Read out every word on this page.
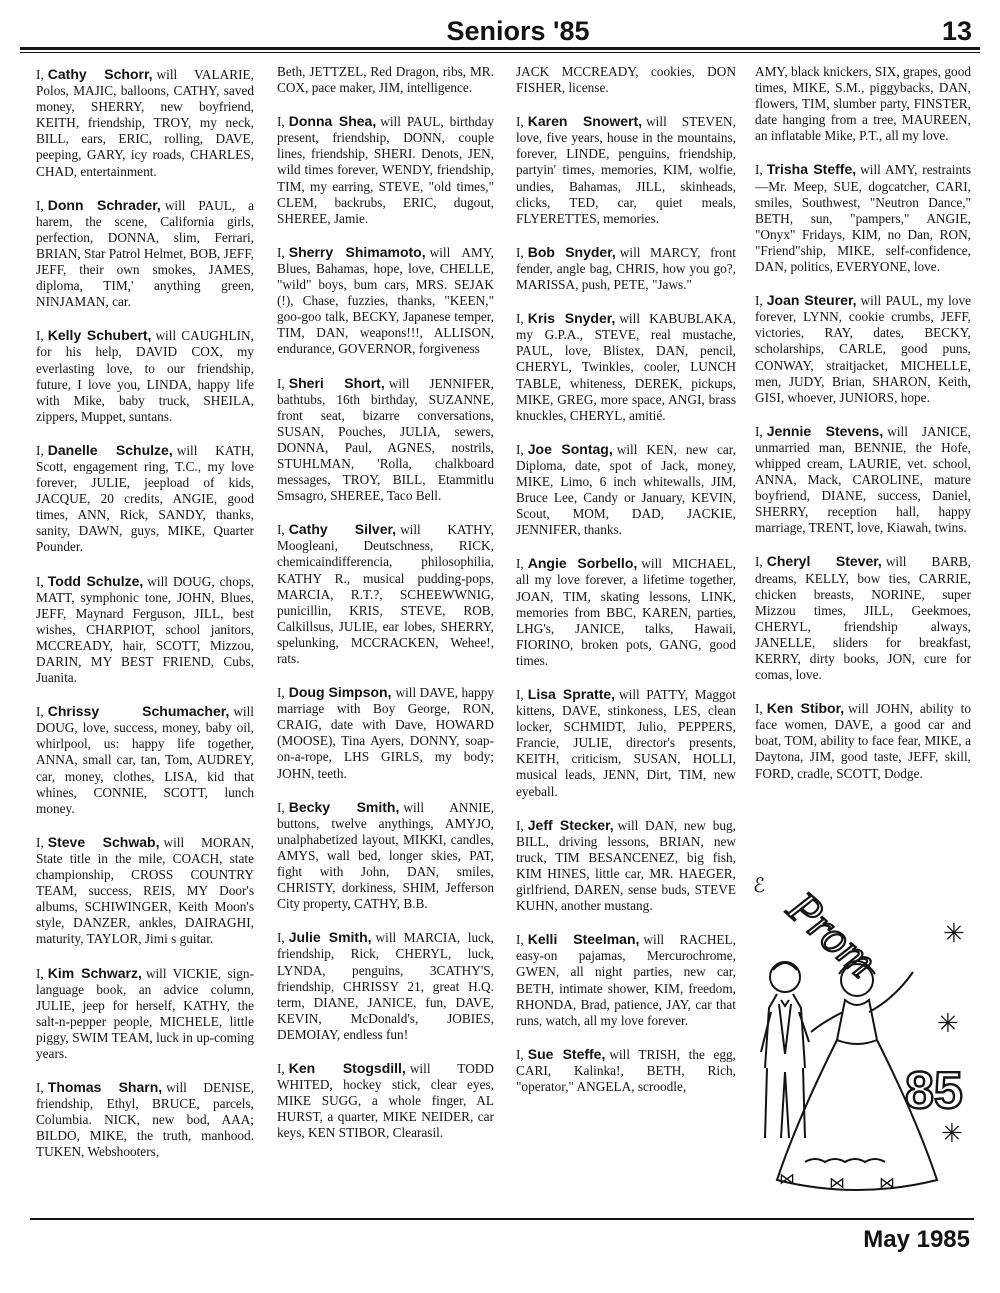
Seniors '85	13

I, Cathy Schorr, will VALARIE, Polos, MAJIC, balloons, CATHY, saved money, SHERRY, new boyfriend, KEITH, friendship, TROY, my neck, BILL, ears, ERIC, rolling, DAVE, peeping, GARY, icy roads, CHARLES, CHAD, entertainment.

I, Donn Schrader, will PAUL, a harem, the scene, California girls, perfection, DONNA, slim, Ferrari, BRIAN, Star Patrol Helmet, BOB, JEFF, JEFF, their own smokes, JAMES, diploma, TIM,' anything green, NINJAMAN, car.

I, Kelly Schubert, will CAUGHLIN, for his help, DAVID COX, my everlasting love, to our friendship, future, I love you, LINDA, happy life with Mike, baby truck, SHEILA, zippers, Muppet, suntans.

I, Danelle Schulze, will KATH, Scott, engagement ring, T.C., my love forever, JULIE, jeepload of kids, JACQUE, 20 credits, ANGIE, good times, ANN, Rick, SANDY, thanks, sanity, DAWN, guys, MIKE, Quarter Pounder.

I, Todd Schulze, will DOUG, chops, MATT, symphonic tone, JOHN, Blues, JEFF, Maynard Ferguson, JILL, best wishes, CHARPIOT, school janitors, MCCREADY, hair, SCOTT, Mizzou, DARIN, MY BEST FRIEND, Cubs, Juanita.

I, Chrissy Schumacher, will DOUG, love, success, money, baby oil, whirlpool, us: happy life together, ANNA, small car, tan, Tom, AUDREY, car, money, clothes, LISA, kid that whines, CONNIE, SCOTT, lunch money.

I, Steve Schwab, will MORAN, State title in the mile, COACH, state championship, CROSS COUNTRY TEAM, success, REIS, MY Door's albums, SCHIWINGER, Keith Moon's style, DANZER, ankles, DAIRAGHI, maturity, TAYLOR, Jimi s guitar.

I, Kim Schwarz, will VICKIE, sign-language book, an advice column, JULIE, jeep for herself, KATHY, the salt-n-pepper people, MICHELE, little piggy, SWIM TEAM, luck in up-coming years.

I, Thomas Sharn, will DENISE, friendship, Ethyl, BRUCE, parcels, Columbia. NICK, new bod, AAA; BILDO, MIKE, the truth, manhood. TUKEN, Webshooters,

Beth, JETTZEL, Red Dragon, ribs, MR. COX, pace maker, JIM, intelligence.

I, Donna Shea, will PAUL, birthday present, friendship, DONN, couple lines, friendship, SHERI. Denots, JEN, wild times forever, WENDY, friendship, TIM, my earring, STEVE, "old times," CLEM, backrubs, ERIC, dugout, SHEREE, Jamie.

I, Sherry Shimamoto, will AMY, Blues, Bahamas, hope, love, CHELLE, "wild" boys, bum cars, MRS. SEJAK (!), Chase, fuzzies, thanks, "KEEN," goo-goo talk, BECKY, Japanese temper, TIM, DAN, weapons!!!, ALLISON, endurance, GOVERNOR, forgiveness

I, Sheri Short, will JENNIFER, bathtubs, 16th birthday, SUZANNE, front seat, bizarre conversations, SUSAN, Pouches, JULIA, sewers, DONNA, Paul, AGNES, nostrils, STUHLMAN, 'Rolla, chalkboard messages, TROY, BILL, Etammitlu Smsagro, SHEREE, Taco Bell.

I, Cathy Silver, will KATHY, Moogleani, Deutschness, RICK, chemicaindifferencia, philosophilia, KATHY R., musical pudding-pops, MARCIA, R.T.?, SCHEEWWNIG, punicillin, KRIS, STEVE, ROB, Calkillsus, JULIE, ear lobes, SHERRY, spelunking, MCCRACKEN, Wehee!, rats.

I, Doug Simpson, will DAVE, happy marriage with Boy George, RON, CRAIG, date with Dave, HOWARD (MOOSE), Tina Ayers, DONNY, soap-on-a-rope, LHS GIRLS, my body; JOHN, teeth.

I, Becky Smith, will ANNIE, buttons, twelve anythings, AMYJO, unalphabetized layout, MIKKI, candles, AMYS, wall bed, longer skies, PAT, fight with John, DAN, smiles, CHRISTY, dorkiness, SHIM, Jefferson City property, CATHY, B.B.

I, Julie Smith, will MARCIA, luck, friendship, Rick, CHERYL, luck, LYNDA, penguins, 3CATHY'S, friendship, CHRISSY 21, great H.Q. term, DIANE, JANICE, fun, DAVE, KEVIN, McDonald's, JOBIES, DEMOIAY, endless fun!

I, Ken Stogsdill, will TODD WHITED, hockey stick, clear eyes, MIKE SUGG, a whole finger, AL HURST, a quarter, MIKE NEIDER, car keys, KEN STIBOR, Clearasil.

JACK MCCREADY, cookies, DON FISHER, license.

I, Karen Snowert, will STEVEN, love, five years, house in the mountains, forever, LINDE, penguins, friendship, partyin' times, memories, KIM, wolfie, undies, Bahamas, JILL, skinheads, clicks, TED, car, quiet meals, FLYERETTES, memories.

I, Bob Snyder, will MARCY, front fender, angle bag, CHRIS, how you go?, MARISSA, push, PETE, "Jaws."

I, Kris Snyder, will KABUBLAKA, my G.P.A., STEVE, real mustache, PAUL, love, Blistex, DAN, pencil, CHERYL, Twinkles, cooler, LUNCH TABLE, whiteness, DEREK, pickups, MIKE, GREG, more space, ANGI, brass knuckles, CHERYL, amitié.

I, Joe Sontag, will KEN, new car, Diploma, date, spot of Jack, money, MIKE, Limo, 6 inch whitewalls, JIM, Bruce Lee, Candy or January, KEVIN, Scout, MOM, DAD, JACKIE, JENNIFER, thanks.

I, Angie Sorbello, will MICHAEL, all my love forever, a lifetime together, JOAN, TIM, skating lessons, LINK, memories from BBC, KAREN, parties, LHG's, JANICE, talks, Hawaii, FIORINO, broken pots, GANG, good times.

I, Lisa Spratte, will PATTY, Maggot kittens, DAVE, stinkoness, LES, clean locker, SCHMIDT, Julio, PEPPERS, Francie, JULIE, director's presents, KEITH, criticism, SUSAN, HOLLI, musical leads, JENN, Dirt, TIM, new eyeball.

I, Jeff Stecker, will DAN, new bug, BILL, driving lessons, BRIAN, new truck, TIM BESANCENEZ, big fish, KIM HINES, little car, MR. HAEGER, girlfriend, DAREN, sense buds, STEVE KUHN, another mustang.

I, Kelli Steelman, will RACHEL, easy-on pajamas, Mercurochrome, GWEN, all night parties, new car, BETH, intimate shower, KIM, freedom, RHONDA, Brad, patience, JAY, car that runs, watch, all my love forever.

I, Sue Steffe, will TRISH, the egg, CARI, Kalinka!, BETH, Rich, "operator," ANGELA, scroodle,

AMY, black knickers, SIX, grapes, good times, MIKE, S.M., piggybacks, DAN, flowers, TIM, slumber party, FINSTER, date hanging from a tree, MAUREEN, an inflatable Mike, P.T., all my love.

I, Trisha Steffe, will AMY, restraints—Mr. Meep, SUE, dogcatcher, CARI, smiles, Southwest, "Neutron Dance," BETH, sun, "pampers," ANGIE, "Onyx" Fridays, KIM, no Dan, RON, "Friend"ship, MIKE, self-confidence, DAN, politics, EVERYONE, love.

I, Joan Steurer, will PAUL, my love forever, LYNN, cookie crumbs, JEFF, victories, RAY, dates, BECKY, scholarships, CARLE, good puns, CONWAY, straitjacket, MICHELLE, men, JUDY, Brian, SHARON, Keith, GISI, whoever, JUNIORS, hope.

I, Jennie Stevens, will JANICE, unmarried man, BENNIE, the Hofe, whipped cream, LAURIE, vet. school, ANNA, Mack, CAROLINE, mature boyfriend, DIANE, success, Daniel, SHERRY, reception hall, happy marriage, TRENT, love, Kiawah, twins.

I, Cheryl Stever, will BARB, dreams, KELLY, bow ties, CARRIE, chicken breasts, NORINE, super Mizzou times, JILL, Geekmoes, CHERYL, friendship always, JANELLE, sliders for breakfast, KERRY, dirty books, JON, cure for comas, love.

I, Ken Stibor, will JOHN, ability to face women, DAVE, a good car and boat, TOM, ability to face fear, MIKE, a Daytona, JIM, good taste, JEFF, skill, FORD, cradle, SCOTT, Dodge.

Prom ✳
✳
✳
ℰ
⋈ ⋈ ⋈
85
May 1985
